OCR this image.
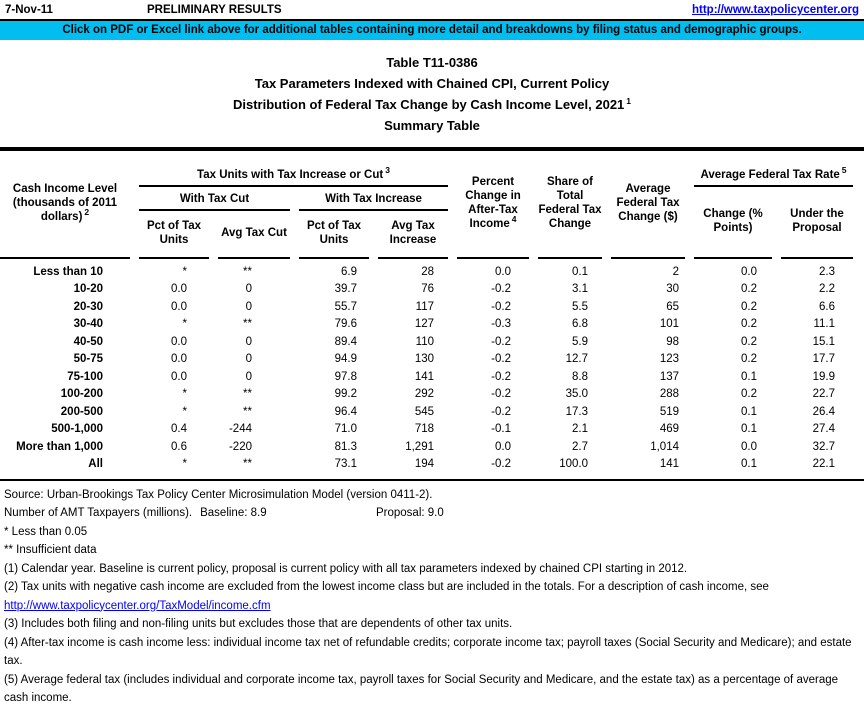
7-Nov-11	PRELIMINARY RESULTS	http://www.taxpolicycenter.org
Click on PDF or Excel link above for additional tables containing more detail and breakdowns by filing status and demographic groups.
Table T11-0386
Tax Parameters Indexed with Chained CPI, Current Policy
Distribution of Federal Tax Change by Cash Income Level, 2021 $^1$
Summary Table
Cash Income Level (thousands of 2011 dollars) $^2$	Tax Units with Tax Increase or Cut $^3$				Percent Change in After-Tax Income $^4$	Share of Total Federal Tax Change	Average Federal Tax Change ($)	Average Federal Tax Rate $^5$
	With Tax Cut		With Tax Increase					Change (% Points)	Under the Proposal
	Pct of Tax Units	Avg Tax Cut	Pct of Tax Units	Avg Tax Increase					
Less than 10	*	**	6.9	28	0.0	0.1	2	0.0	2.3
10-20	0.0	0	39.7	76	-0.2	3.1	30	0.2	2.2
20-30	0.0	0	55.7	117	-0.2	5.5	65	0.2	6.6
30-40	*	**	79.6	127	-0.3	6.8	101	0.2	11.1
40-50	0.0	0	89.4	110	-0.2	5.9	98	0.2	15.1
50-75	0.0	0	94.9	130	-0.2	12.7	123	0.2	17.7
75-100	0.0	0	97.8	141	-0.2	8.8	137	0.1	19.9
100-200	*	**	99.2	292	-0.2	35.0	288	0.2	22.7
200-500	*	**	96.4	545	-0.2	17.3	519	0.1	26.4
500-1,000	0.4	-244	71.0	718	-0.1	2.1	469	0.1	27.4
More than 1,000	0.6	-220	81.3	1,291	0.0	2.7	1,014	0.0	32.7
All	*	**	73.1	194	-0.2	100.0	141	0.1	22.1
Source: Urban-Brookings Tax Policy Center Microsimulation Model (version 0411-2).
Number of AMT Taxpayers (millions). Baseline: 8.9	Proposal: 9.0
* Less than 0.05
** Insufficient data
(1) Calendar year. Baseline is current policy, proposal is current policy with all tax parameters indexed by chained CPI starting in 2012.
(2) Tax units with negative cash income are excluded from the lowest income class but are included in the totals. For a description of cash income, see
http://www.taxpolicycenter.org/TaxModel/income.cfm
(3) Includes both filing and non-filing units but excludes those that are dependents of other tax units.
(4) After-tax income is cash income less: individual income tax net of refundable credits; corporate income tax; payroll taxes (Social Security and Medicare); and estate tax.
(5) Average federal tax (includes individual and corporate income tax, payroll taxes for Social Security and Medicare, and the estate tax) as a percentage of average cash income.
